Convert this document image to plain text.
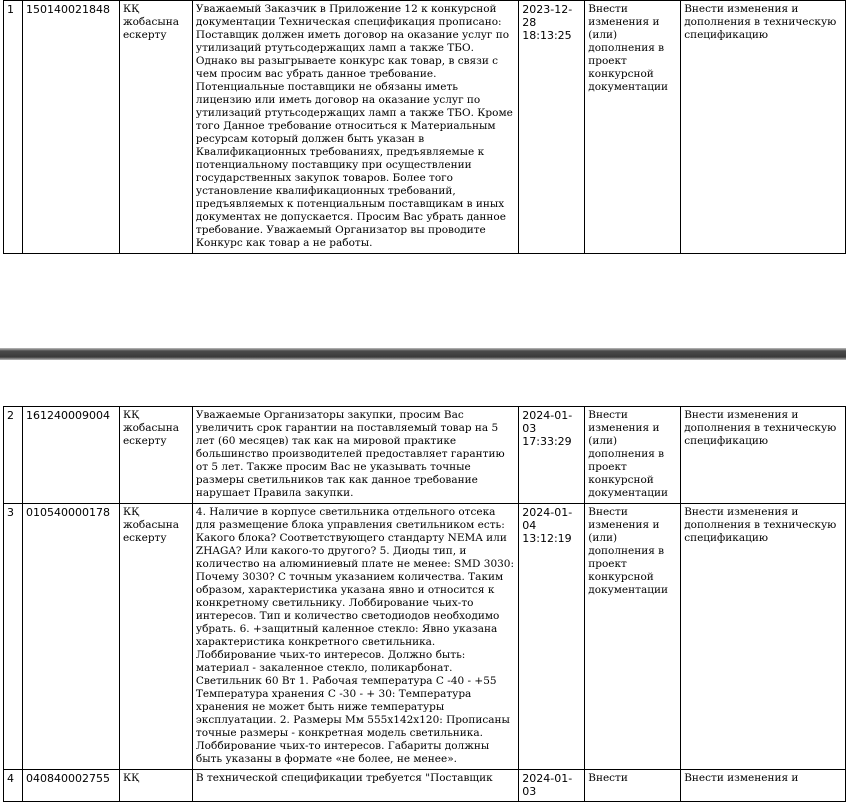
1	150140021848	КҚ жобасына ескерту	Уважаемый Заказчик в Приложение 12 к конкурсной документации Техническая спецификация прописано: Поставщик должен иметь договор на оказание услуг по утилизаций ртутьсодержащих ламп а также ТБО. Однако вы разыгрываете конкурс как товар, в связи с чем просим вас убрать данное требование. Потенциальные поставщики не обязаны иметь лицензию или иметь договор на оказание услуг по утилизаций ртутьсодержащих ламп а также ТБО. Кроме того Данное требование относиться к Материальным ресурсам который должен быть указан в Квалификационных требованиях, предъявляемые к потенциальному поставщику при осуществлении государственных закупок товаров. Более того установление квалификационных требований, предъявляемых к потенциальным поставщикам в иных документах не допускается. Просим Вас убрать данное требование. Уважаемый Организатор вы проводите Конкурс как товар а не работы.	2023-12-28 18:13:25	Внести изменения и (или) дополнения в проект конкурсной документации	Внести изменения и дополнения в техническую спецификацию
2	161240009004	КҚ жобасына ескерту	Уважаемые Организаторы закупки, просим Вас увеличить срок гарантии на поставляемый товар на 5 лет (60 месяцев) так как на мировой практике большинство производителей предоставляет гарантию от 5 лет. Также просим Вас не указывать точные размеры светильников так как данное требование нарушает Правила закупки.	2024-01-03 17:33:29	Внести изменения и (или) дополнения в проект конкурсной документации	Внести изменения и дополнения в техническую спецификацию
3	010540000178	КҚ жобасына ескерту	4. Наличие в корпусе светильника отдельного отсека для размещение блока управления светильником есть: Какого блока? Соответствующего стандарту NEMA или ZHAGA? Или какого-то другого? 5. Диоды тип, и количество на алюминиевый плате не менее: SMD 3030: Почему 3030? С точным указанием количества. Таким образом, характеристика указана явно и относится к конкретному светильнику. Лоббирование чьих-то интересов. Тип и количество светодиодов необходимо убрать. 6. +защитный каленное стекло: Явно указана характеристика конкретного светильника. Лоббирование чьих-то интересов. Должно быть: материал - закаленное стекло, поликарбонат. Светильник 60 Вт 1. Рабочая температура С -40 - +55 Температура хранения С -30 - + 30: Температура хранения не может быть ниже температуры эксплуатации. 2. Размеры Мм 555x142x120: Прописаны точные размеры - конкретная модель светильника. Лоббирование чьих-то интересов. Габариты должны быть указаны в формате «не более, не менее».	2024-01-04 13:12:19	Внести изменения и (или) дополнения в проект конкурсной документации	Внести изменения и дополнения в техническую спецификацию
4	040840002755	КҚ	В технической спецификации требуется "Поставщик	2024-01-03	Внести	Внести изменения и
